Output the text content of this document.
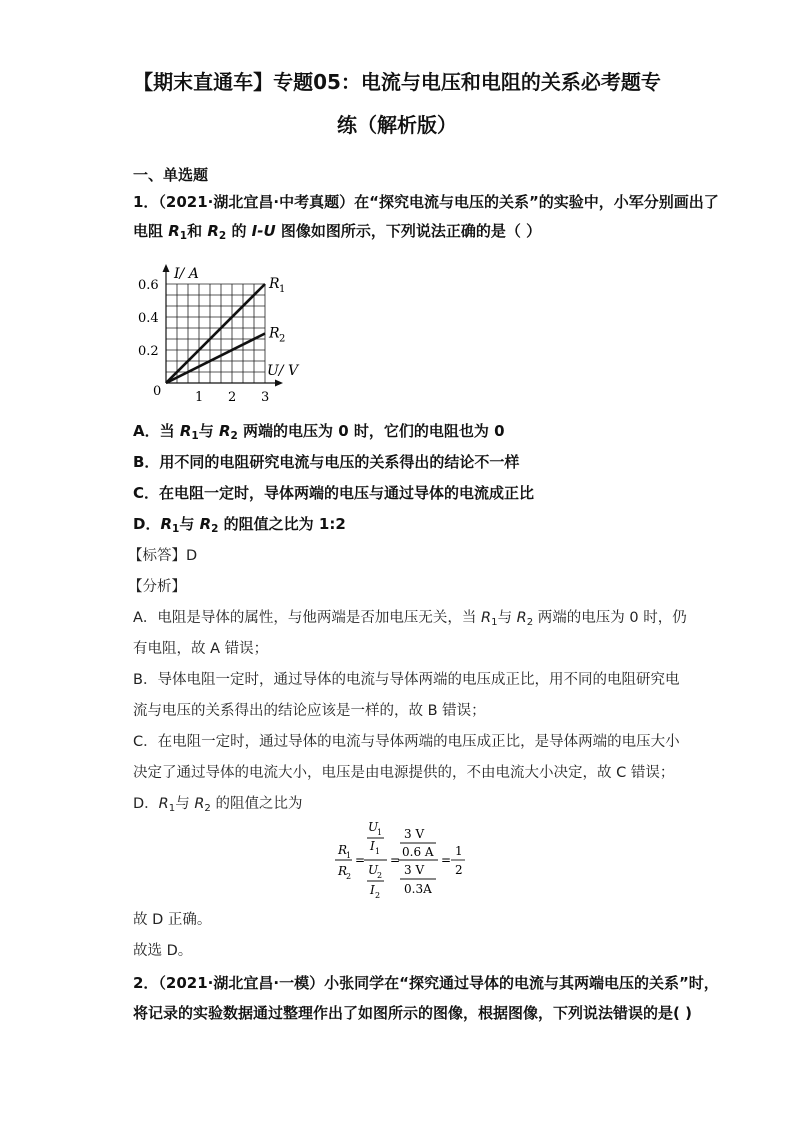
【期末直通车】专题05：电流与电压和电阻的关系必考题专
练（解析版）
一、单选题
1．（2021·湖北宜昌·中考真题）在“探究电流与电压的关系”的实验中，小军分别画出了
电阻 $R_1$和 $R_2$ 的 I-U 图像如图所示，下列说法正确的是（ ）
I/ A
U/ V
0	1 2 3
0.2
0.4
0.6	R 1
R 2
A．当 $R_1$与 $R_2$ 两端的电压为 0 时，它们的电阻也为 0
B．用不同的电阻研究电流与电压的关系得出的结论不一样
C．在电阻一定时，导体两端的电压与通过导体的电流成正比
D．$R_1$与 $R_2$ 的阻值之比为 1:2
【标答】D
【分析】
A．电阻是导体的属性，与他两端是否加电压无关，当 $R_1$与 $R_2$ 两端的电压为 0 时，仍
有电阻，故 A 错误；
B．导体电阻一定时，通过导体的电流与导体两端的电压成正比，用不同的电阻研究电
流与电压的关系得出的结论应该是一样的，故 B 错误；
C．在电阻一定时，通过导体的电流与导体两端的电压成正比，是导体两端的电压大小
决定了通过导体的电流大小，电压是由电源提供的，不由电流大小决定，故 C 错误；
D．$R_1$与 $R_2$ 的阻值之比为
R
1
R
2
=
U
1
I 1
U
2
I 2
=
3 V
0.6 A
3 V
0.3A
=
1
2
故 D 正确。
故选 D。
2．（2021·湖北宜昌·一模）小张同学在“探究通过导体的电流与其两端电压的关系”时，
将记录的实验数据通过整理作出了如图所示的图像，根据图像，下列说法错误的是( )
